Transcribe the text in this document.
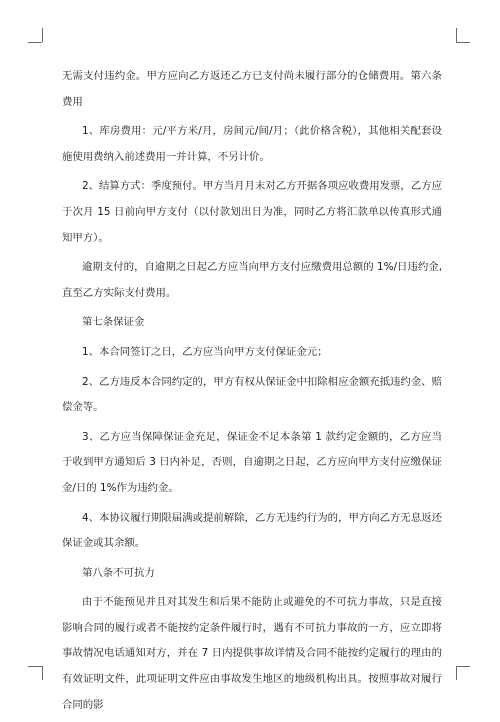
无需支付违约金。甲方应向乙方返还乙方已支付尚未履行部分的仓储费用。第六条费用

1、库房费用：元/平方米/月，房间元/间/月；（此价格含税），其他相关配套设施使用费纳入前述费用一并计算，不另计价。

2、结算方式：季度预付。甲方当月月末对乙方开据各项应收费用发票，乙方应于次月 15 日前向甲方支付（以付款划出日为准，同时乙方将汇款单以传真形式通知甲方）。

逾期支付的，自逾期之日起乙方应当向甲方支付应缴费用总额的 1%/日违约金,直至乙方实际支付费用。

第七条保证金

1、本合同签订之日，乙方应当向甲方支付保证金元；

2、乙方违反本合同约定的，甲方有权从保证金中扣除相应金额充抵违约金、赔偿金等。

3、乙方应当保障保证金充足，保证金不足本条第 1 款约定金额的，乙方应当于收到甲方通知后 3 日内补足，否则，自逾期之日起，乙方应向甲方支付应缴保证金/日的 1%作为违约金。

4、本协议履行期限届满或提前解除，乙方无违约行为的，甲方向乙方无息返还保证金或其余额。

第八条不可抗力

由于不能预见并且对其发生和后果不能防止或避免的不可抗力事故，只是直接影响合同的履行或者不能按约定条件履行时，遇有不可抗力事故的一方，应立即将事故情况电话通知对方，并在 7 日内提供事故详情及合同不能按约定履行的理由的有效证明文件，此项证明文件应由事故发生地区的地级机构出具。按照事故对履行合同的影
